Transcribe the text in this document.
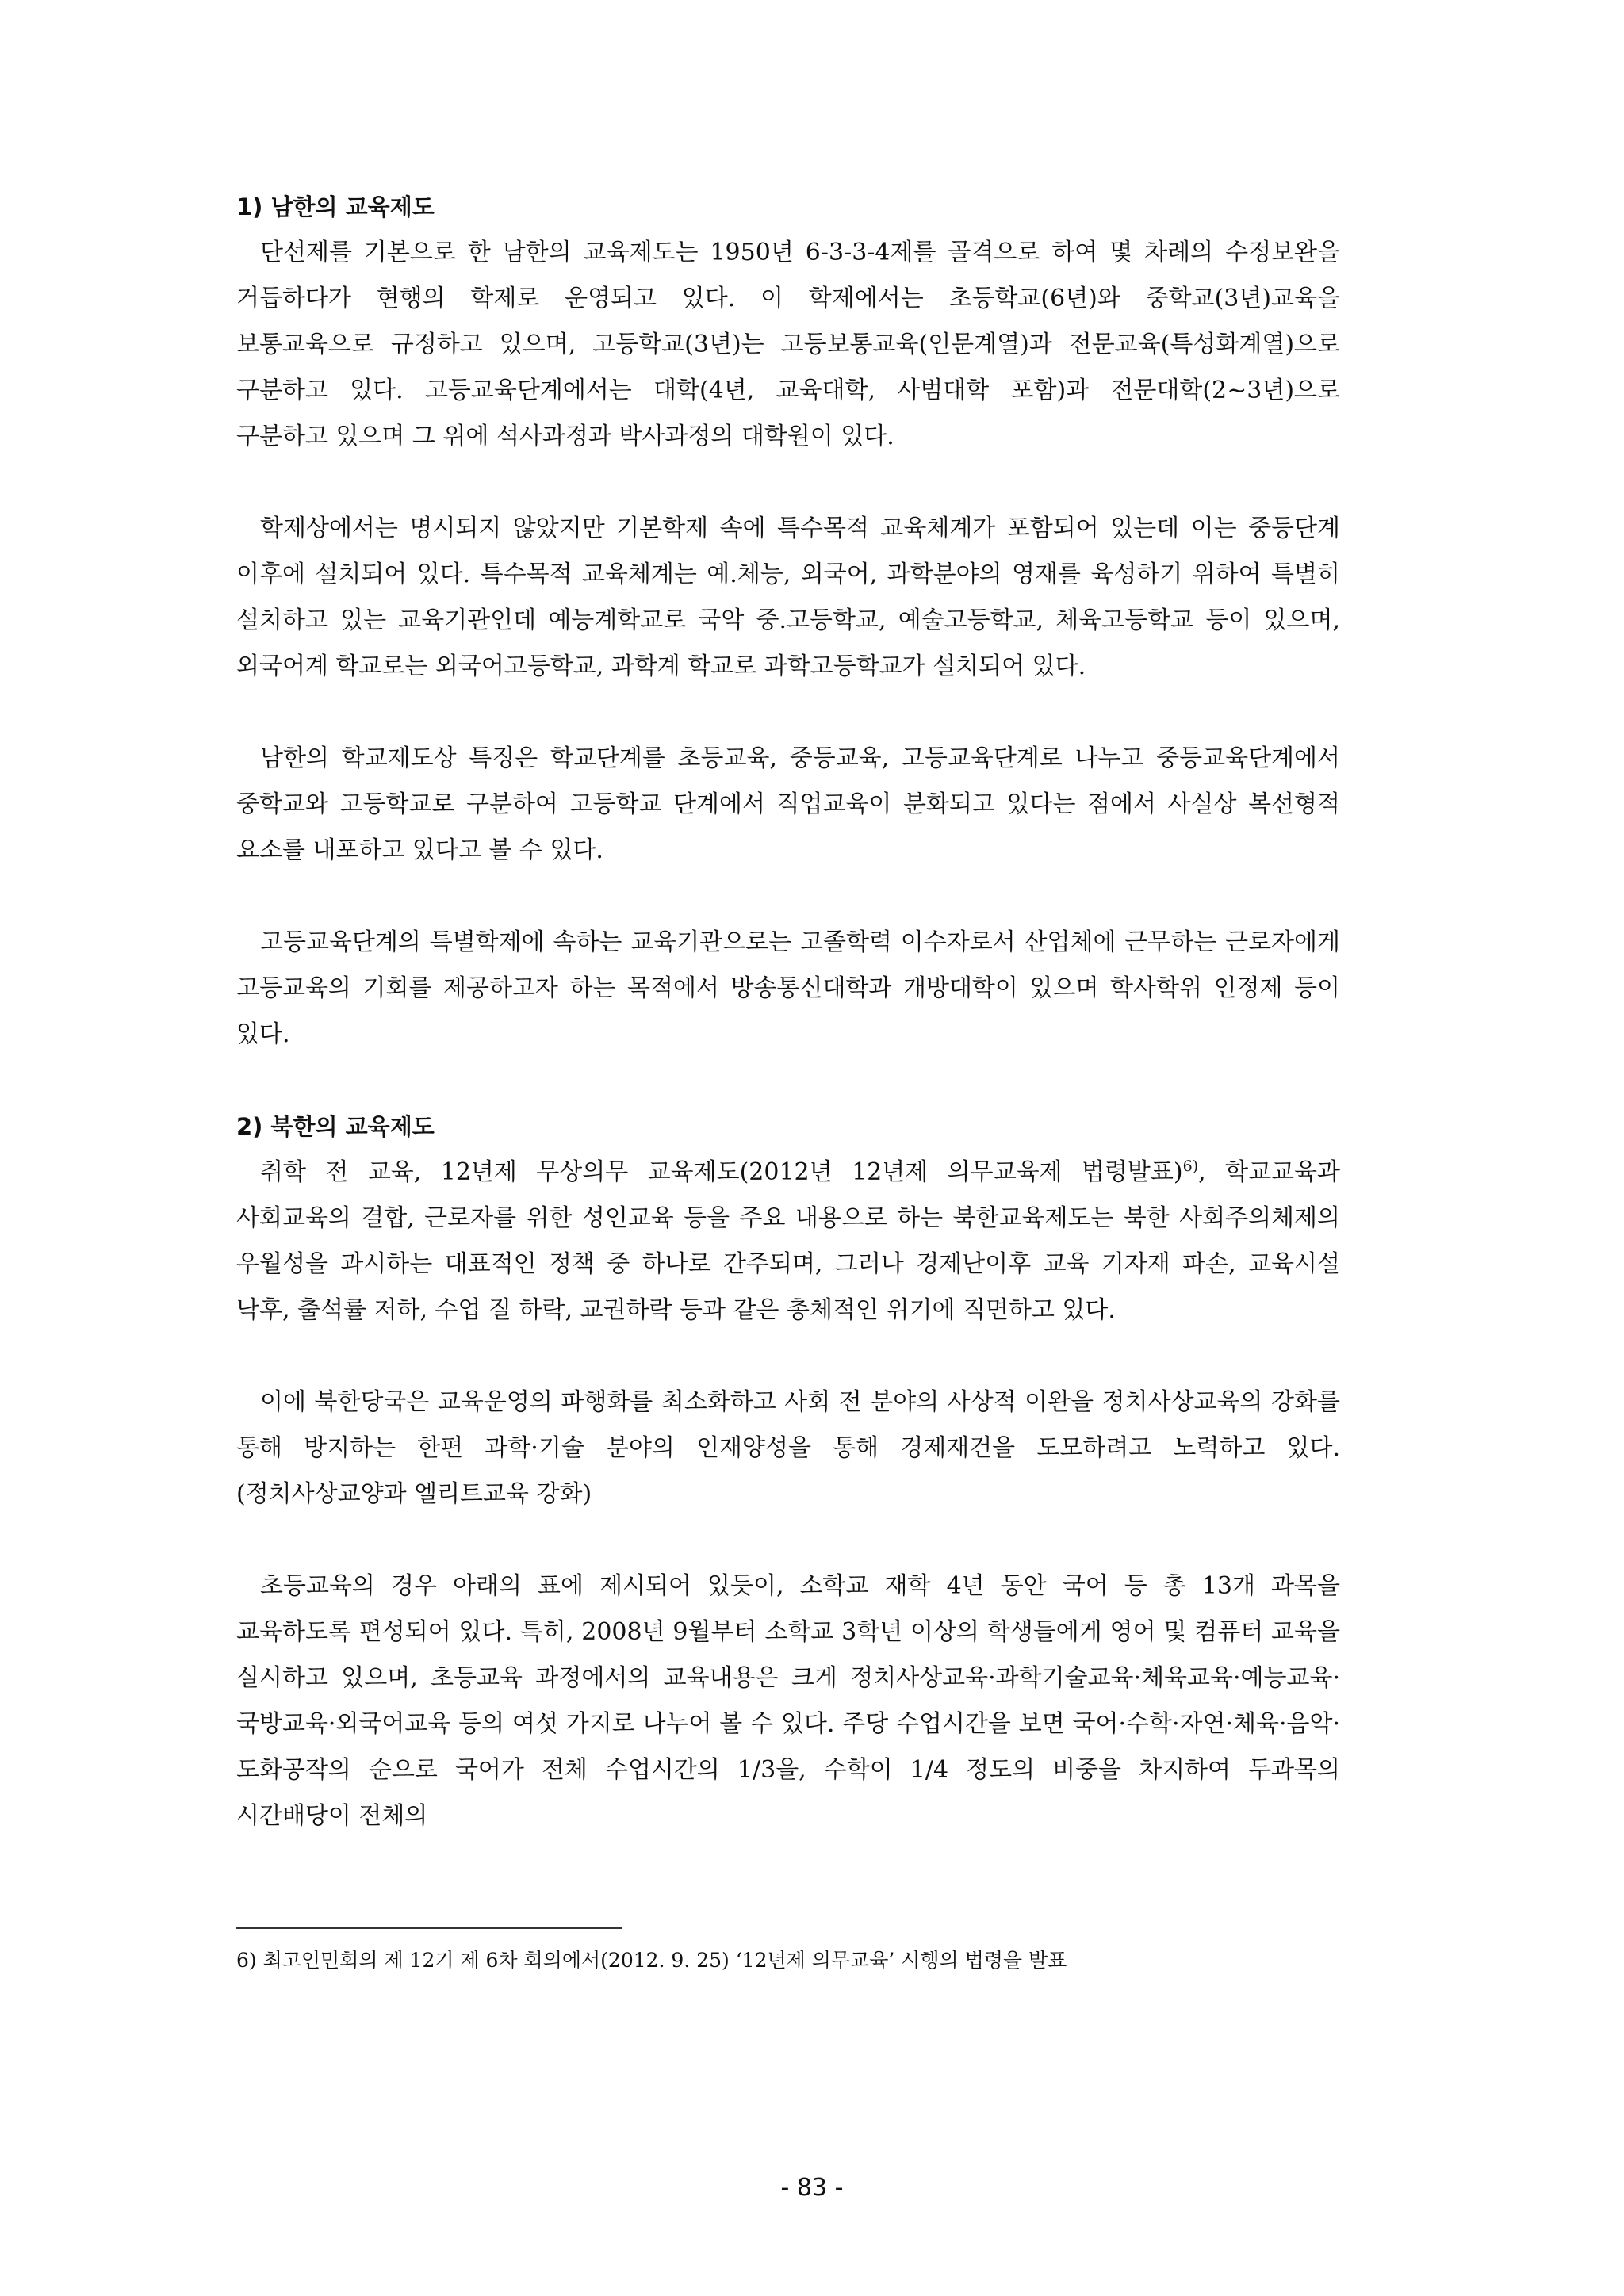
1) 남한의 교육제도

단선제를 기본으로 한 남한의 교육제도는 1950년 6-3-3-4제를 골격으로 하여 몇 차례의 수정보완을 거듭하다가 현행의 학제로 운영되고 있다. 이 학제에서는 초등학교(6년)와 중학교(3년)교육을 보통교육으로 규정하고 있으며, 고등학교(3년)는 고등보통교육(인문계열)과 전문교육(특성화계열)으로 구분하고 있다. 고등교육단계에서는 대학(4년, 교육대학, 사범대학 포함)과 전문대학(2~3년)으로 구분하고 있으며 그 위에 석사과정과 박사과정의 대학원이 있다.

학제상에서는 명시되지 않았지만 기본학제 속에 특수목적 교육체계가 포함되어 있는데 이는 중등단계 이후에 설치되어 있다. 특수목적 교육체계는 예.체능, 외국어, 과학분야의 영재를 육성하기 위하여 특별히 설치하고 있는 교육기관인데 예능계학교로 국악 중.고등학교, 예술고등학교, 체육고등학교 등이 있으며, 외국어계 학교로는 외국어고등학교, 과학계 학교로 과학고등학교가 설치되어 있다.

남한의 학교제도상 특징은 학교단계를 초등교육, 중등교육, 고등교육단계로 나누고 중등교육단계에서 중학교와 고등학교로 구분하여 고등학교 단계에서 직업교육이 분화되고 있다는 점에서 사실상 복선형적 요소를 내포하고 있다고 볼 수 있다.

고등교육단계의 특별학제에 속하는 교육기관으로는 고졸학력 이수자로서 산업체에 근무하는 근로자에게 고등교육의 기회를 제공하고자 하는 목적에서 방송통신대학과 개방대학이 있으며 학사학위 인정제 등이 있다.

2) 북한의 교육제도

취학 전 교육, 12년제 무상의무 교육제도(2012년 12년제 의무교육제 법령발표)$^{6)}$, 학교교육과 사회교육의 결합, 근로자를 위한 성인교육 등을 주요 내용으로 하는 북한교육제도는 북한 사회주의체제의 우월성을 과시하는 대표적인 정책 중 하나로 간주되며, 그러나 경제난이후 교육 기자재 파손, 교육시설 낙후, 출석률 저하, 수업 질 하락, 교권하락 등과 같은 총체적인 위기에 직면하고 있다.

이에 북한당국은 교육운영의 파행화를 최소화하고 사회 전 분야의 사상적 이완을 정치사상교육의 강화를 통해 방지하는 한편 과학·기술 분야의 인재양성을 통해 경제재건을 도모하려고 노력하고 있다. (정치사상교양과 엘리트교육 강화)

초등교육의 경우 아래의 표에 제시되어 있듯이, 소학교 재학 4년 동안 국어 등 총 13개 과목을 교육하도록 편성되어 있다. 특히, 2008년 9월부터 소학교 3학년 이상의 학생들에게 영어 및 컴퓨터 교육을 실시하고 있으며, 초등교육 과정에서의 교육내용은 크게 정치사상교육·과학기술교육·체육교육·예능교육·국방교육·외국어교육 등의 여섯 가지로 나누어 볼 수 있다. 주당 수업시간을 보면 국어·수학·자연·체육·음악·도화공작의 순으로 국어가 전체 수업시간의 1/3을, 수학이 1/4 정도의 비중을 차지하여 두과목의 시간배당이 전체의

6) 최고인민회의 제 12기 제 6차 회의에서(2012. 9. 25) ‘12년제 의무교육’ 시행의 법령을 발표

- 83 -
